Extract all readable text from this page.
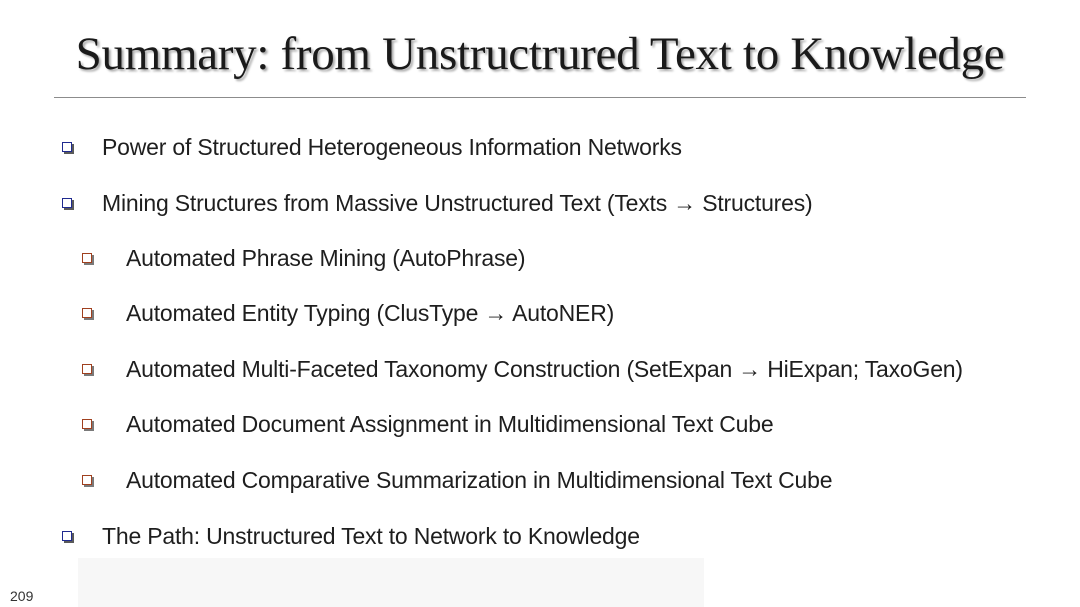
Summary: from Unstructrured Text to Knowledge
Power of Structured Heterogeneous Information Networks
Mining Structures from Massive Unstructured Text (Texts → Structures)
Automated Phrase Mining (AutoPhrase)
Automated Entity Typing (ClusType → AutoNER)
Automated Multi-Faceted Taxonomy Construction (SetExpan → HiExpan; TaxoGen)
Automated Document Assignment in Multidimensional Text Cube
Automated Comparative Summarization in Multidimensional Text Cube
The Path: Unstructured Text to Network to Knowledge
209
